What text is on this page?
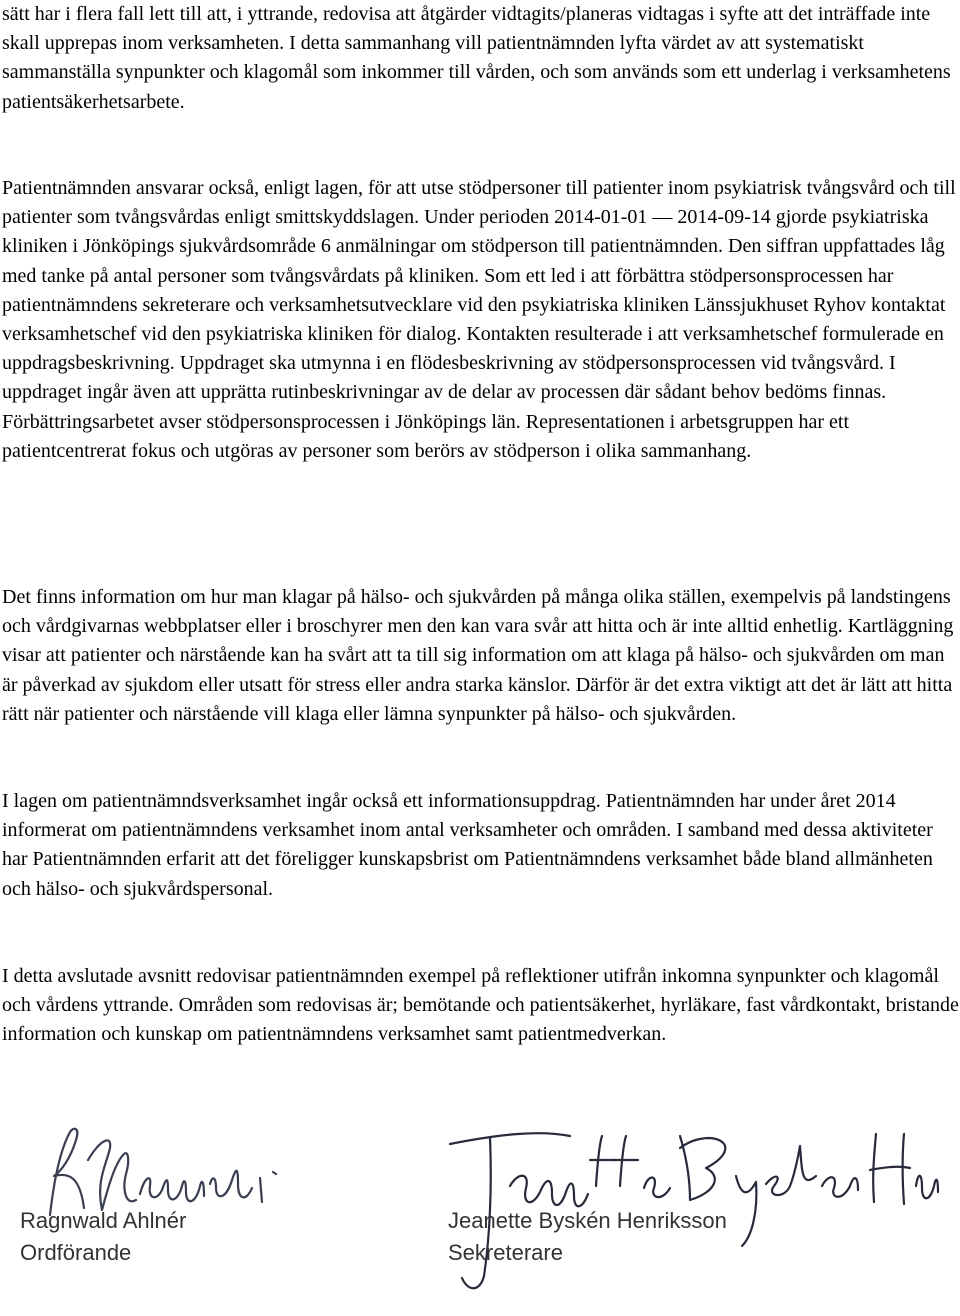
sätt har i flera fall lett till att, i yttrande, redovisa att åtgärder vidtagits/planeras vidtagas i syfte att det inträffade inte skall upprepas inom verksamheten. I detta sammanhang vill patientnämnden lyfta värdet av att systematiskt sammanställa synpunkter och klagomål som inkommer till vården, och som används som ett underlag i verksamhetens patientsäkerhetsarbete.

Patientnämnden ansvarar också, enligt lagen, för att utse stödpersoner till patienter inom psykiatrisk tvångsvård och till patienter som tvångsvårdas enligt smittskyddslagen. Under perioden 2014-01-01 — 2014-09-14 gjorde psykiatriska kliniken i Jönköpings sjukvårdsområde 6 anmälningar om stödperson till patientnämnden. Den siffran uppfattades låg med tanke på antal personer som tvångsvårdats på kliniken. Som ett led i att förbättra stödpersonsprocessen har patientnämndens sekreterare och verksamhetsutvecklare vid den psykiatriska kliniken Länssjukhuset Ryhov kontaktat verksamhetschef vid den psykiatriska kliniken för dialog. Kontakten resulterade i att verksamhetschef formulerade en uppdragsbeskrivning. Uppdraget ska utmynna i en flödesbeskrivning av stödpersonsprocessen vid tvångsvård. I uppdraget ingår även att upprätta rutinbeskrivningar av de delar av processen där sådant behov bedöms finnas. Förbättringsarbetet avser stödpersonsprocessen i Jönköpings län. Representationen i arbetsgruppen har ett patientcentrerat fokus och utgöras av personer som berörs av stödperson i olika sammanhang.

Det finns information om hur man klagar på hälso- och sjukvården på många olika ställen, exempelvis på landstingens och vårdgivarnas webbplatser eller i broschyrer men den kan vara svår att hitta och är inte alltid enhetlig. Kartläggning visar att patienter och närstående kan ha svårt att ta till sig information om att klaga på hälso- och sjukvården om man är påverkad av sjukdom eller utsatt för stress eller andra starka känslor. Därför är det extra viktigt att det är lätt att hitta rätt när patienter och närstående vill klaga eller lämna synpunkter på hälso- och sjukvården.

I lagen om patientnämndsverksamhet ingår också ett informationsuppdrag. Patientnämnden har under året 2014 informerat om patientnämndens verksamhet inom antal verksamheter och områden. I samband med dessa aktiviteter har Patientnämnden erfarit att det föreligger kunskapsbrist om Patientnämndens verksamhet både bland allmänheten och hälso- och sjukvårdspersonal.

I detta avslutade avsnitt redovisar patientnämnden exempel på reflektioner utifrån inkomna synpunkter och klagomål och vårdens yttrande. Områden som redovisas är; bemötande och patientsäkerhet, hyrläkare, fast vårdkontakt, bristande information och kunskap om patientnämndens verksamhet samt patientmedverkan.

Ragnwald Ahlnér
Ordförande
Jeanette Byskén Henriksson
Sekreterare
